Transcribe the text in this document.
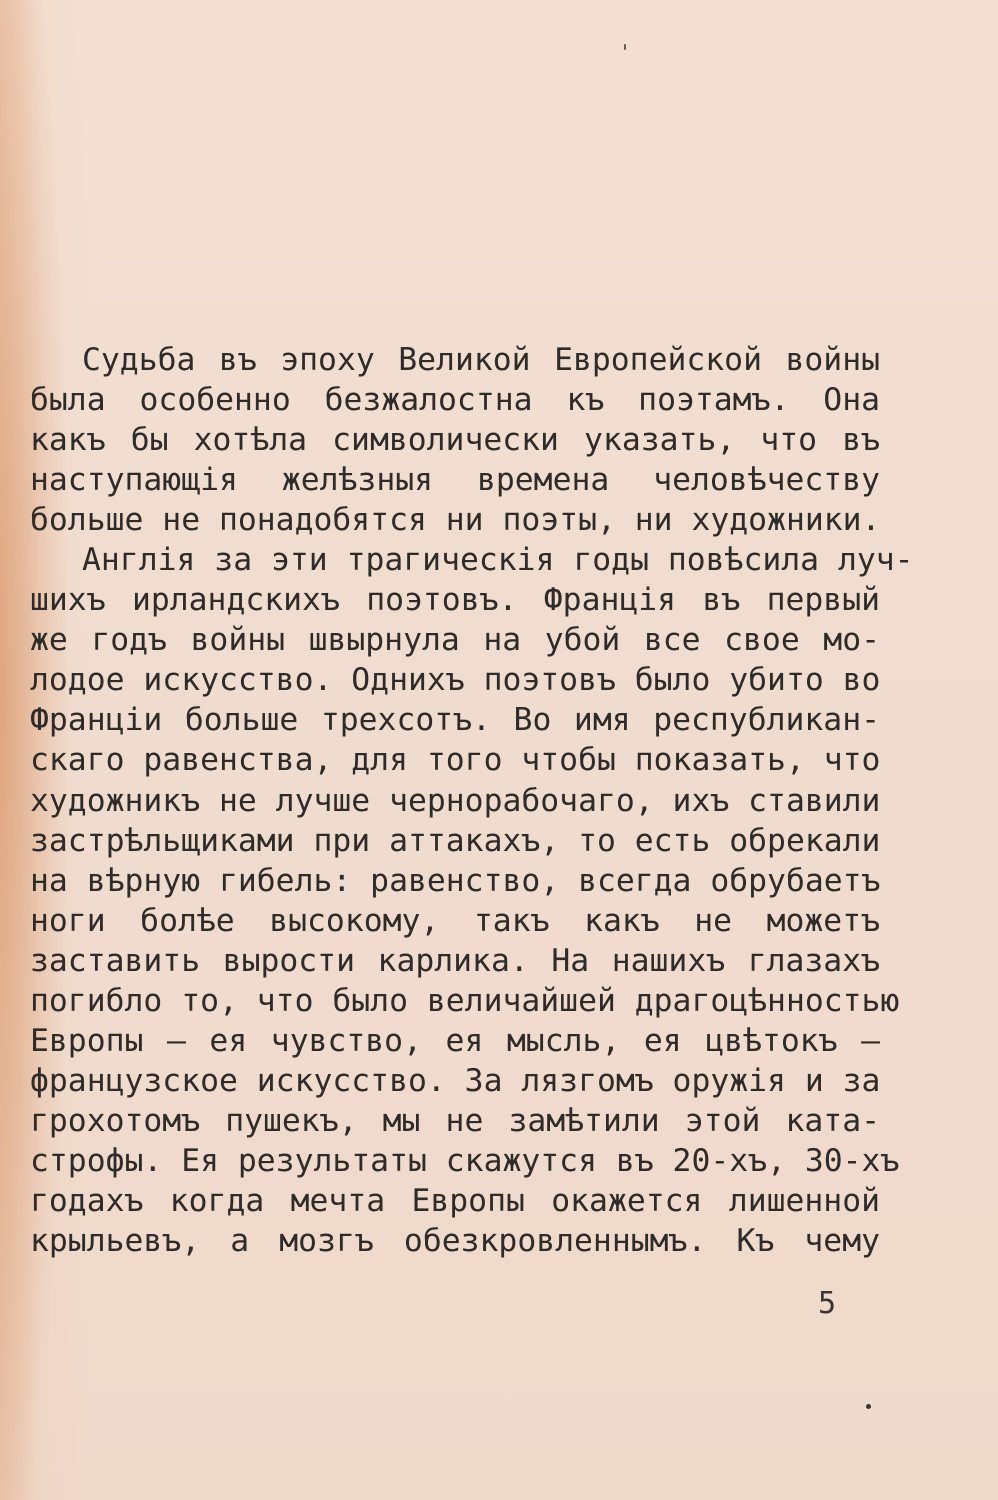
Судьба въ эпоху Великой Европейской войны
была особенно безжалостна къ поэтамъ. Она
какъ бы хотѣла символически указать, что въ
наступающія желѣзныя времена человѣчеству
больше не понадобятся ни поэты, ни художники.
Англія за эти трагическія годы повѣсила луч-
шихъ ирландскихъ поэтовъ. Франція въ первый
же годъ войны швырнула на убой все свое мо-
лодое искусство. Однихъ поэтовъ было убито во
Франціи больше трехсотъ. Во имя республикан-
скаго равенства, для того чтобы показать, что
художникъ не лучше чернорабочаго, ихъ ставили
застрѣльщиками при аттакахъ, то есть обрекали
на вѣрную гибель: равенство, всегда обрубаетъ
ноги болѣе высокому, такъ какъ не можетъ
заставить вырости карлика. На нашихъ глазахъ
погибло то, что было величайшей драгоцѣнностью
Европы — ея чувство, ея мысль, ея цвѣтокъ —
французское искусство. За лязгомъ оружія и за
грохотомъ пушекъ, мы не замѣтили этой ката-
строфы. Ея результаты скажутся въ 20-хъ, 30-хъ
годахъ когда мечта Европы окажется лишенной
крыльевъ, а мозгъ обезкровленнымъ. Къ чему
5
